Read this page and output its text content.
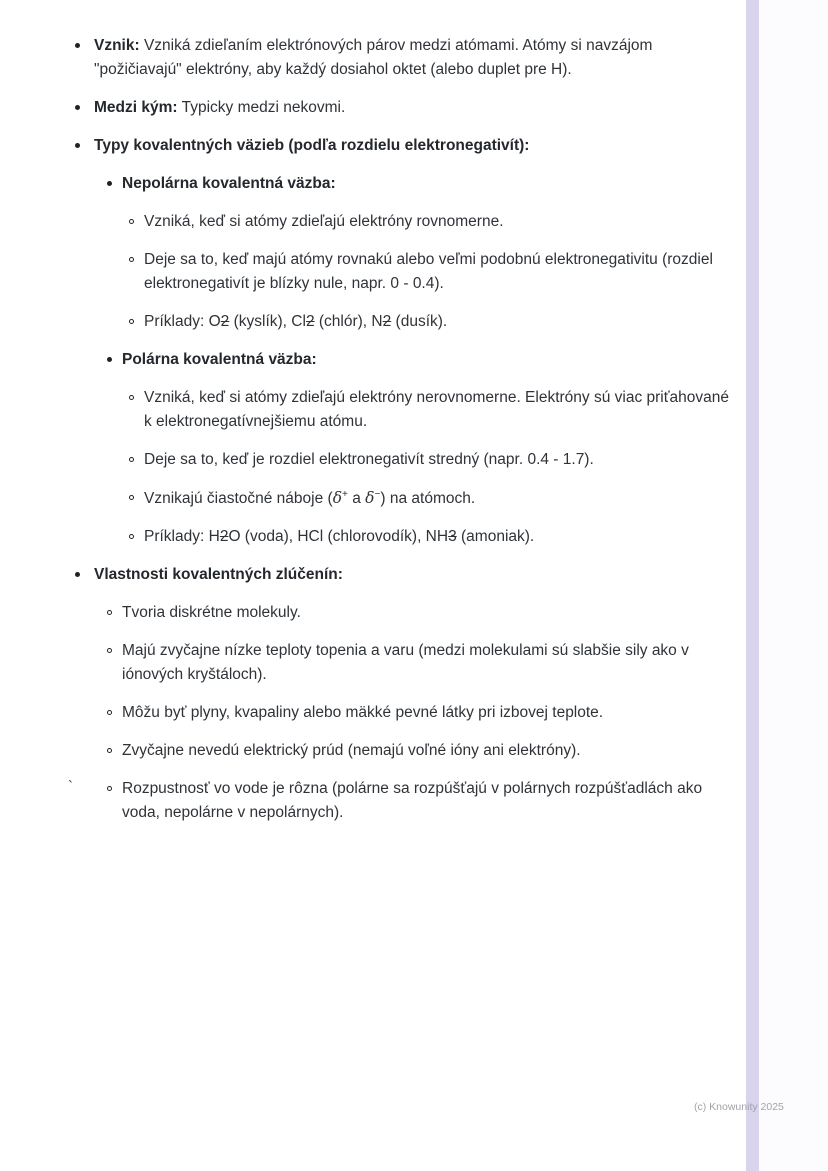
Vznik: Vzniká zdieľaním elektrónových párov medzi atómami. Atómy si navzájom "požičiavajú" elektróny, aby každý dosiahol oktet (alebo duplet pre H).
Medzi kým: Typicky medzi nekovmi.
Typy kovalentných väzieb (podľa rozdielu elektronegativít):
Nepolárna kovalentná väzba:
Vzniká, keď si atómy zdieľajú elektróny rovnomerne.
Deje sa to, keď majú atómy rovnakú alebo veľmi podobnú elektronegativitu (rozdiel elektronegativít je blízky nule, napr. 0 - 0.4).
Príklady: O2 (kyslík), Cl2 (chlór), N2 (dusík).
Polárna kovalentná väzba:
Vzniká, keď si atómy zdieľajú elektróny nerovnomerne. Elektróny sú viac priťahované k elektronegatívnejšiemu atómu.
Deje sa to, keď je rozdiel elektronegativít stredný (napr. 0.4 - 1.7).
Vznikajú čiastočné náboje (δ+ a δ−) na atómoch.
Príklady: H2O (voda), HCl (chlorovodík), NH3 (amoniak).
Vlastnosti kovalentných zlúčenín:
Tvoria diskrétne molekuly.
Majú zvyčajne nízke teploty topenia a varu (medzi molekulami sú slabšie sily ako v iónových kryštáloch).
Môžu byť plyny, kvapaliny alebo mäkké pevné látky pri izbovej teplote.
Zvyčajne nevedú elektrický prúd (nemajú voľné ióny ani elektróny).
Rozpustnosť vo vode je rôzna (polárne sa rozpúšťajú v polárnych rozpúšťadlách ako voda, nepolárne v nepolárnych).
`
(c) Knowunity 2025
